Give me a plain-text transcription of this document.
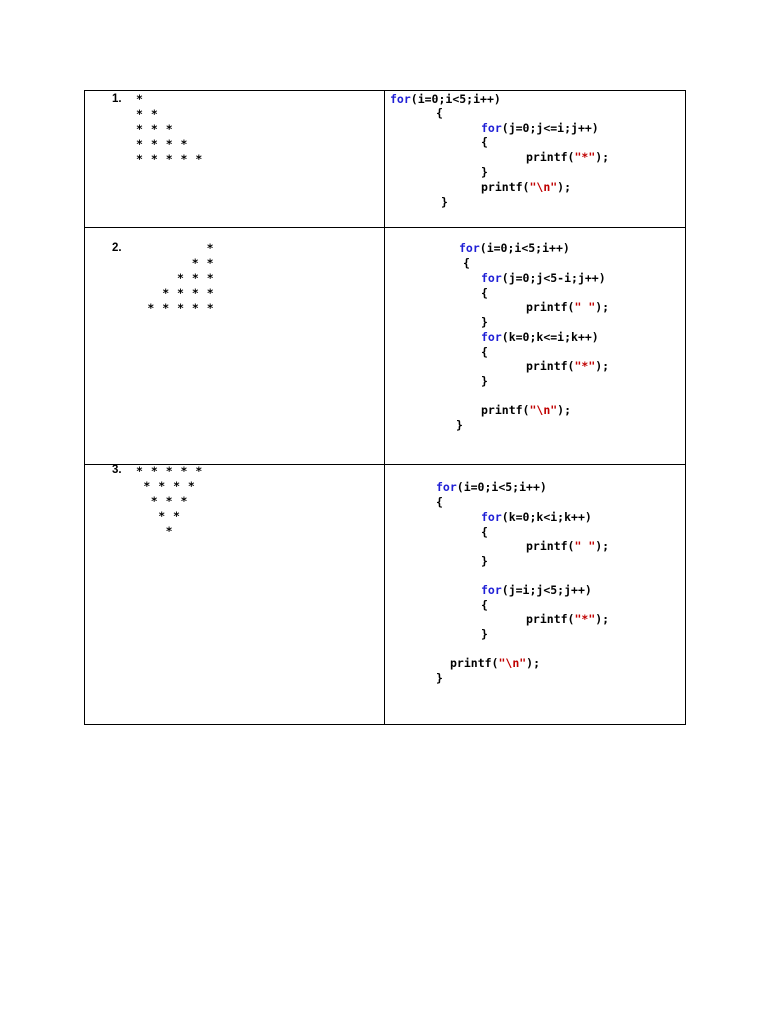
1. *
* *
* * *
* * * *
* * * * *
for(i=0;i<5;i++)
{
for(j=0;j<=i;j++)
{
printf("*");
}
printf("\n");
}
2.	*
* *
* * *
* * * *
* * * * *
for(i=0;i<5;i++)
{
for(j=0;j<5-i;j++)
{
printf(" ");
}
for(k=0;k<=i;k++)
{
printf("*");
}
printf("\n");
}
3. * * * * *
* * * *
* * *
* *
*
for(i=0;i<5;i++)
{
for(k=0;k<i;k++)
{
printf(" ");
}
for(j=i;j<5;j++)
{
printf("*");
}
printf("\n");
}
